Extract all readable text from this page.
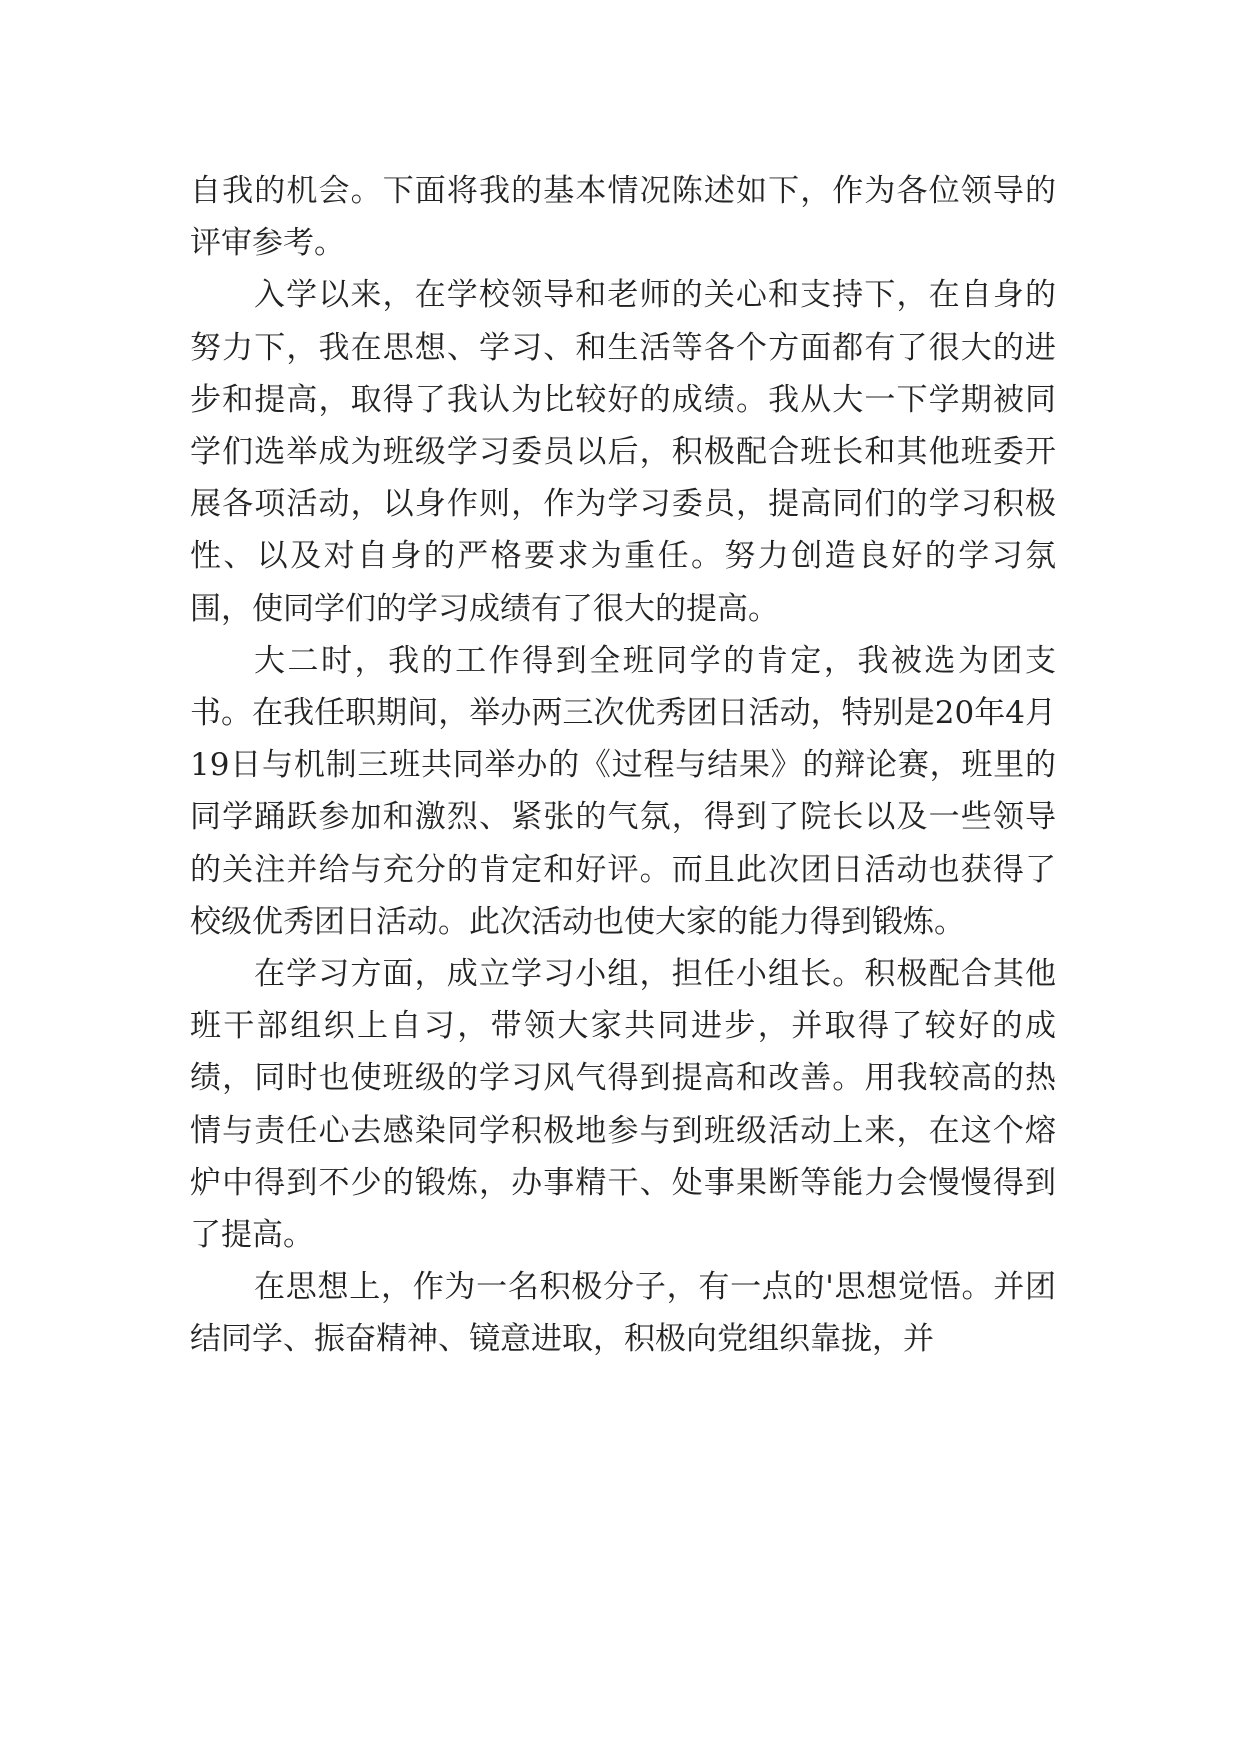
自我的机会。下面将我的基本情况陈述如下，作为各位领导的评审参考。

入学以来，在学校领导和老师的关心和支持下，在自身的努力下，我在思想、学习、和生活等各个方面都有了很大的进步和提高，取得了我认为比较好的成绩。我从大一下学期被同学们选举成为班级学习委员以后，积极配合班长和其他班委开展各项活动，以身作则，作为学习委员，提高同们的学习积极性、以及对自身的严格要求为重任。努力创造良好的学习氛围，使同学们的学习成绩有了很大的提高。

大二时，我的工作得到全班同学的肯定，我被选为团支书。在我任职期间，举办两三次优秀团日活动，特别是20年4月19日与机制三班共同举办的《过程与结果》的辩论赛，班里的同学踊跃参加和激烈、紧张的气氛，得到了院长以及一些领导的关注并给与充分的肯定和好评。而且此次团日活动也获得了校级优秀团日活动。此次活动也使大家的能力得到锻炼。

在学习方面，成立学习小组，担任小组长。积极配合其他班干部组织上自习，带领大家共同进步，并取得了较好的成绩，同时也使班级的学习风气得到提高和改善。用我较高的热情与责任心去感染同学积极地参与到班级活动上来，在这个熔炉中得到不少的锻炼，办事精干、处事果断等能力会慢慢得到了提高。

在思想上，作为一名积极分子，有一点的'思想觉悟。并团结同学、振奋精神、镜意进取，积极向党组织靠拢，并
